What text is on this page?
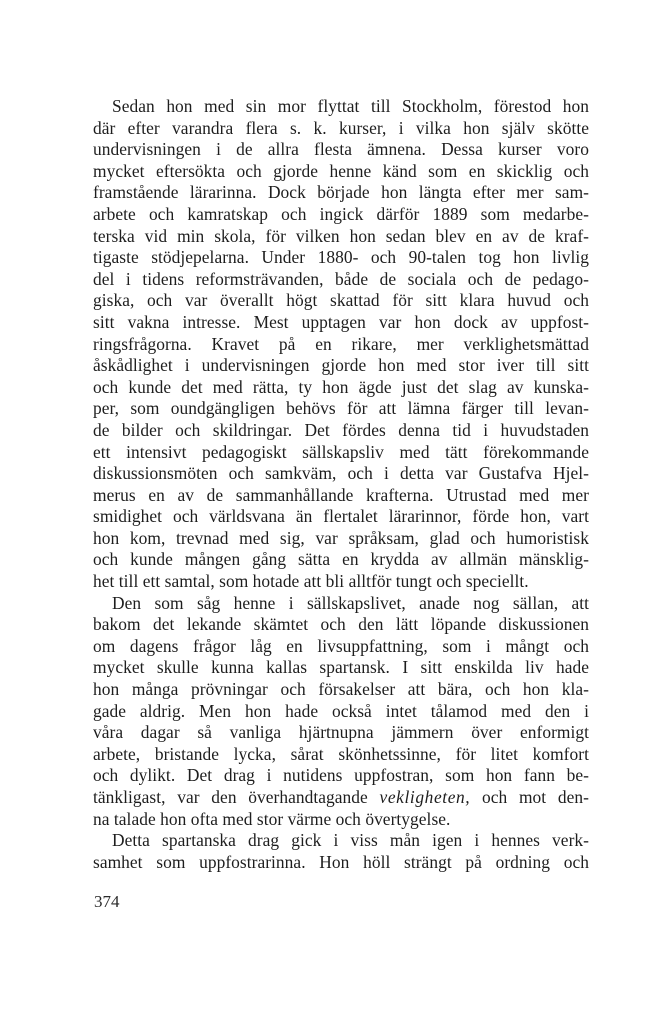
Sedan hon med sin mor flyttat till Stockholm, förestod hon
där efter varandra flera s. k. kurser, i vilka hon själv skötte
undervisningen i de allra flesta ämnena. Dessa kurser voro
mycket eftersökta och gjorde henne känd som en skicklig och
framstående lärarinna. Dock började hon längta efter mer sam-
arbete och kamratskap och ingick därför 1889 som medarbe-
terska vid min skola, för vilken hon sedan blev en av de kraf-
tigaste stödjepelarna. Under 1880- och 90-talen tog hon livlig
del i tidens reformsträvanden, både de sociala och de pedago-
giska, och var överallt högt skattad för sitt klara huvud och
sitt vakna intresse. Mest upptagen var hon dock av uppfost-
ringsfrågorna. Kravet på en rikare, mer verklighetsmättad
åskådlighet i undervisningen gjorde hon med stor iver till sitt
och kunde det med rätta, ty hon ägde just det slag av kunska-
per, som oundgängligen behövs för att lämna färger till levan-
de bilder och skildringar. Det fördes denna tid i huvudstaden
ett intensivt pedagogiskt sällskapsliv med tätt förekommande
diskussionsmöten och samkväm, och i detta var Gustafva Hjel-
merus en av de sammanhållande krafterna. Utrustad med mer
smidighet och världsvana än flertalet lärarinnor, förde hon, vart
hon kom, trevnad med sig, var språksam, glad och humoristisk
och kunde mången gång sätta en krydda av allmän mänsklig-
het till ett samtal, som hotade att bli alltför tungt och speciellt.
Den som såg henne i sällskapslivet, anade nog sällan, att
bakom det lekande skämtet och den lätt löpande diskussionen
om dagens frågor låg en livsuppfattning, som i mångt och
mycket skulle kunna kallas spartansk. I sitt enskilda liv hade
hon många prövningar och försakelser att bära, och hon kla-
gade aldrig. Men hon hade också intet tålamod med den i
våra dagar så vanliga hjärtnupna jämmern över enformigt
arbete, bristande lycka, sårat skönhetssinne, för litet komfort
och dylikt. Det drag i nutidens uppfostran, som hon fann be-
tänkligast, var den överhandtagande vekligheten, och mot den-
na talade hon ofta med stor värme och övertygelse.
Detta spartanska drag gick i viss mån igen i hennes verk-
samhet som uppfostrarinna. Hon höll strängt på ordning och
374
